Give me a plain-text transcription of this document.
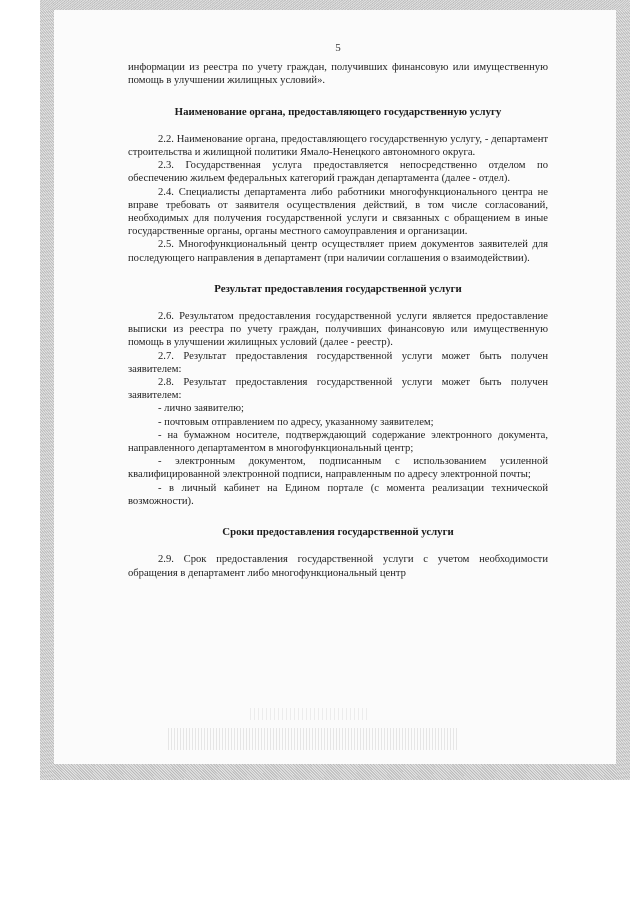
5

информации из реестра по учету граждан, получивших финансовую или имущественную помощь в улучшении жилищных условий».

Наименование органа, предоставляющего государственную услугу

2.2. Наименование органа, предоставляющего государственную услугу, - департамент строительства и жилищной политики Ямало-Ненецкого автономного округа.

2.3. Государственная услуга предоставляется непосредственно отделом по обеспечению жильем федеральных категорий граждан департамента (далее - отдел).

2.4. Специалисты департамента либо работники многофункционального центра не вправе требовать от заявителя осуществления действий, в том числе согласований, необходимых для получения государственной услуги и связанных с обращением в иные государственные органы, органы местного самоуправления и организации.

2.5. Многофункциональный центр осуществляет прием документов заявителей для последующего направления в департамент (при наличии соглашения о взаимодействии).

Результат предоставления государственной услуги

2.6. Результатом предоставления государственной услуги является предоставление выписки из реестра по учету граждан, получивших финансовую или имущественную помощь в улучшении жилищных условий (далее - реестр).

2.7. Результат предоставления государственной услуги может быть получен заявителем:

2.8. Результат предоставления государственной услуги может быть получен заявителем:

- лично заявителю;

- почтовым отправлением по адресу, указанному заявителем;

- на бумажном носителе, подтверждающий содержание электронного документа, направленного департаментом в многофункциональный центр;

- электронным документом, подписанным с использованием усиленной квалифицированной электронной подписи, направленным по адресу электронной почты;

- в личный кабинет на Едином портале (с момента реализации технической возможности).

Сроки предоставления государственной услуги

2.9. Срок предоставления государственной услуги с учетом необходимости обращения в департамент либо многофункциональный центр
